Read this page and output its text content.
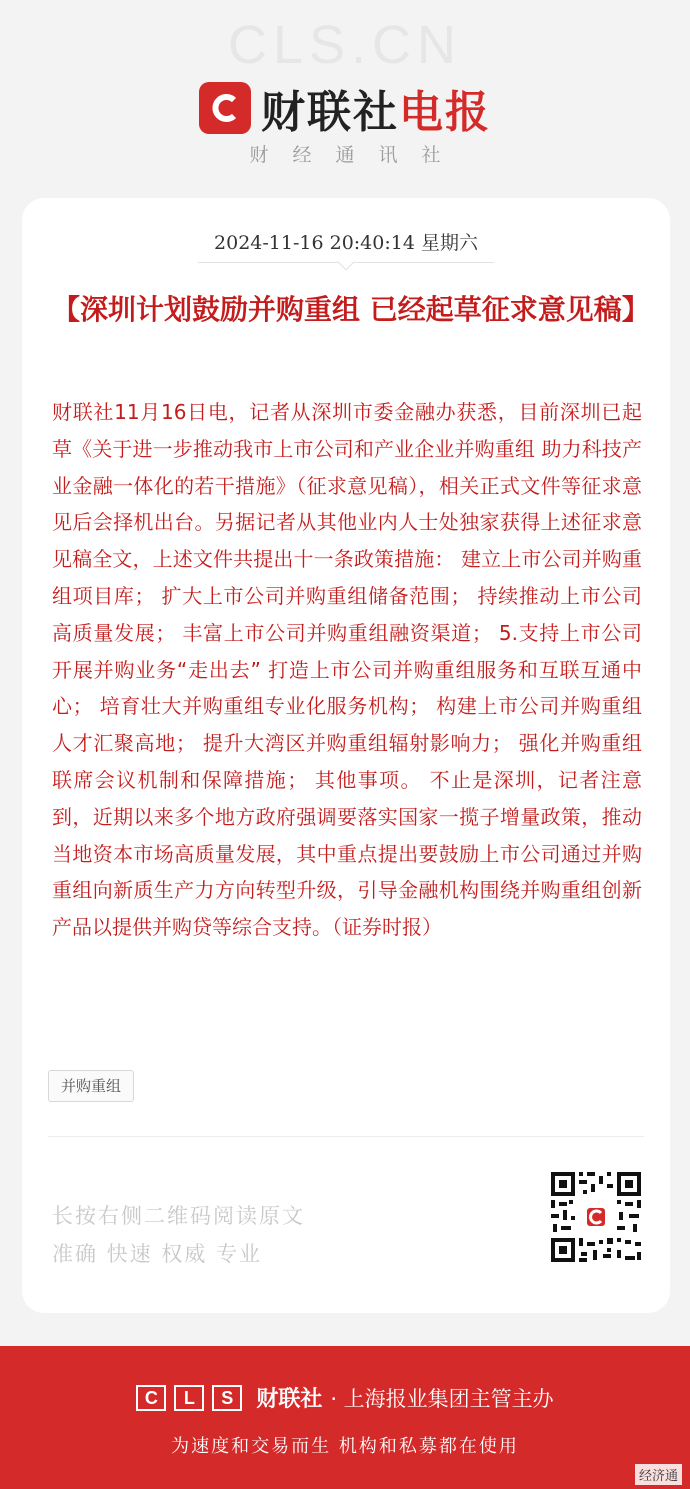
CLS.CN
财联社电报
财经通讯社
2024-11-16 20:40:14 星期六
【深圳计划鼓励并购重组 已经起草征求意见稿】
财联社11月16日电，记者从深圳市委金融办获悉，目前深圳已起草《关于进一步推动我市上市公司和产业企业并购重组 助力科技产业金融一体化的若干措施》（征求意见稿），相关正式文件等征求意见后会择机出台。另据记者从其他业内人士处独家获得上述征求意见稿全文，上述文件共提出十一条政策措施： 建立上市公司并购重组项目库； 扩大上市公司并购重组储备范围； 持续推动上市公司高质量发展； 丰富上市公司并购重组融资渠道； 5.支持上市公司开展并购业务“走出去” 打造上市公司并购重组服务和互联互通中心； 培育壮大并购重组专业化服务机构； 构建上市公司并购重组人才汇聚高地； 提升大湾区并购重组辐射影响力； 强化并购重组联席会议机制和保障措施； 其他事项。 不止是深圳，记者注意到，近期以来多个地方政府强调要落实国家一揽子增量政策，推动当地资本市场高质量发展，其中重点提出要鼓励上市公司通过并购重组向新质生产力方向转型升级，引导金融机构围绕并购重组创新产品以提供并购贷等综合支持。（证券时报）
并购重组
长按右侧二维码阅读原文
准确 快速 权威 专业
C	L	S	财联社 · 上海报业集团主管主办
为速度和交易而生 机构和私募都在使用
经济通
